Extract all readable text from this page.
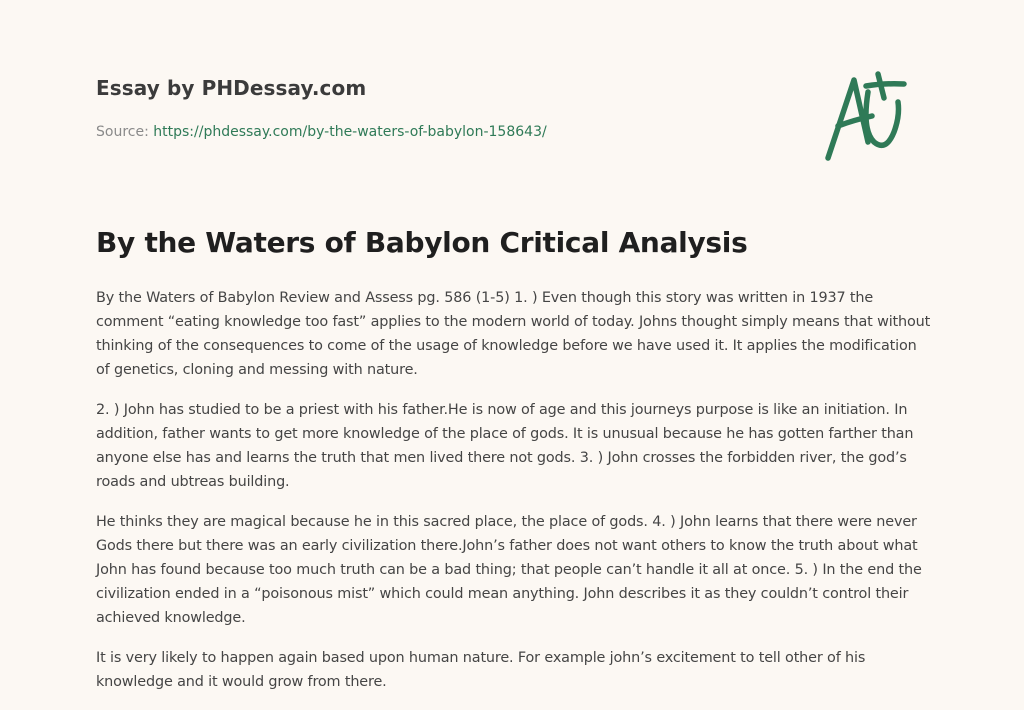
Essay by PHDessay.com
Source: https://phdessay.com/by-the-waters-of-babylon-158643/
By the Waters of Babylon Critical Analysis

By the Waters of Babylon Review and Assess pg. 586 (1-5) 1. ) Even though this story was written in 1937 the comment “eating knowledge too fast” applies to the modern world of today. Johns thought simply means that without thinking of the consequences to come of the usage of knowledge before we have used it. It applies the modification of genetics, cloning and messing with nature.

2. ) John has studied to be a priest with his father.He is now of age and this journeys purpose is like an initiation. In addition, father wants to get more knowledge of the place of gods. It is unusual because he has gotten farther than anyone else has and learns the truth that men lived there not gods. 3. ) John crosses the forbidden river, the god’s roads and ubtreas building.

He thinks they are magical because he in this sacred place, the place of gods. 4. ) John learns that there were never Gods there but there was an early civilization there.John’s father does not want others to know the truth about what John has found because too much truth can be a bad thing; that people can’t handle it all at once. 5. ) In the end the civilization ended in a “poisonous mist” which could mean anything. John describes it as they couldn’t control their achieved knowledge.

It is very likely to happen again based upon human nature. For example john’s excitement to tell other of his knowledge and it would grow from there.
